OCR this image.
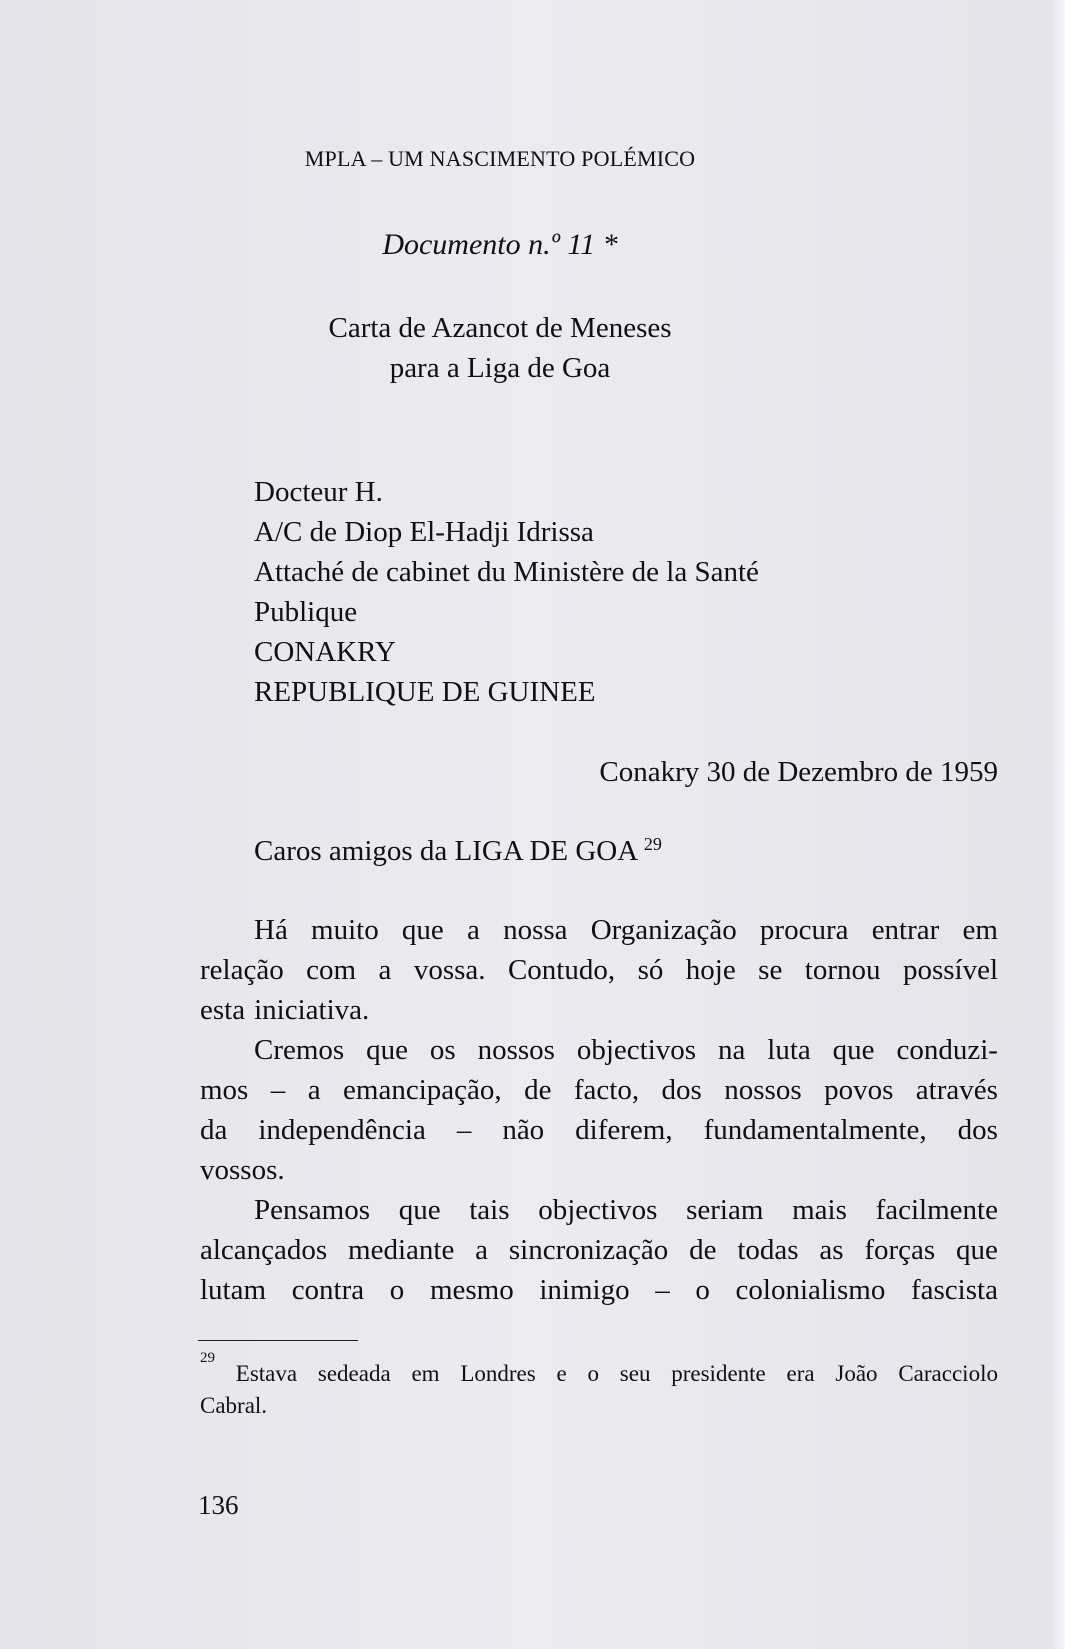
MPLA – UM NASCIMENTO POLÉMICO
Documento n.º 11 *
Carta de Azancot de Meneses
para a Liga de Goa
Docteur H.
A/C de Diop El-Hadji Idrissa
Attaché de cabinet du Ministère de la Santé
Publique
CONAKRY
REPUBLIQUE DE GUINEE
Conakry 30 de Dezembro de 1959
Caros amigos da LIGA DE GOA $^{29}$
Há muito que a nossa Organização procura entrar em
relação com a vossa. Contudo, só hoje se tornou possível
esta iniciativa.
Cremos que os nossos objectivos na luta que conduzi-
mos – a emancipação, de facto, dos nossos povos através
da independência – não diferem, fundamentalmente, dos
vossos.
Pensamos que tais objectivos seriam mais facilmente
alcançados mediante a sincronização de todas as forças que
lutam contra o mesmo inimigo – o colonialismo fascista
29
Estava sedeada em Londres e o seu presidente era João Caracciolo
Cabral.
136
